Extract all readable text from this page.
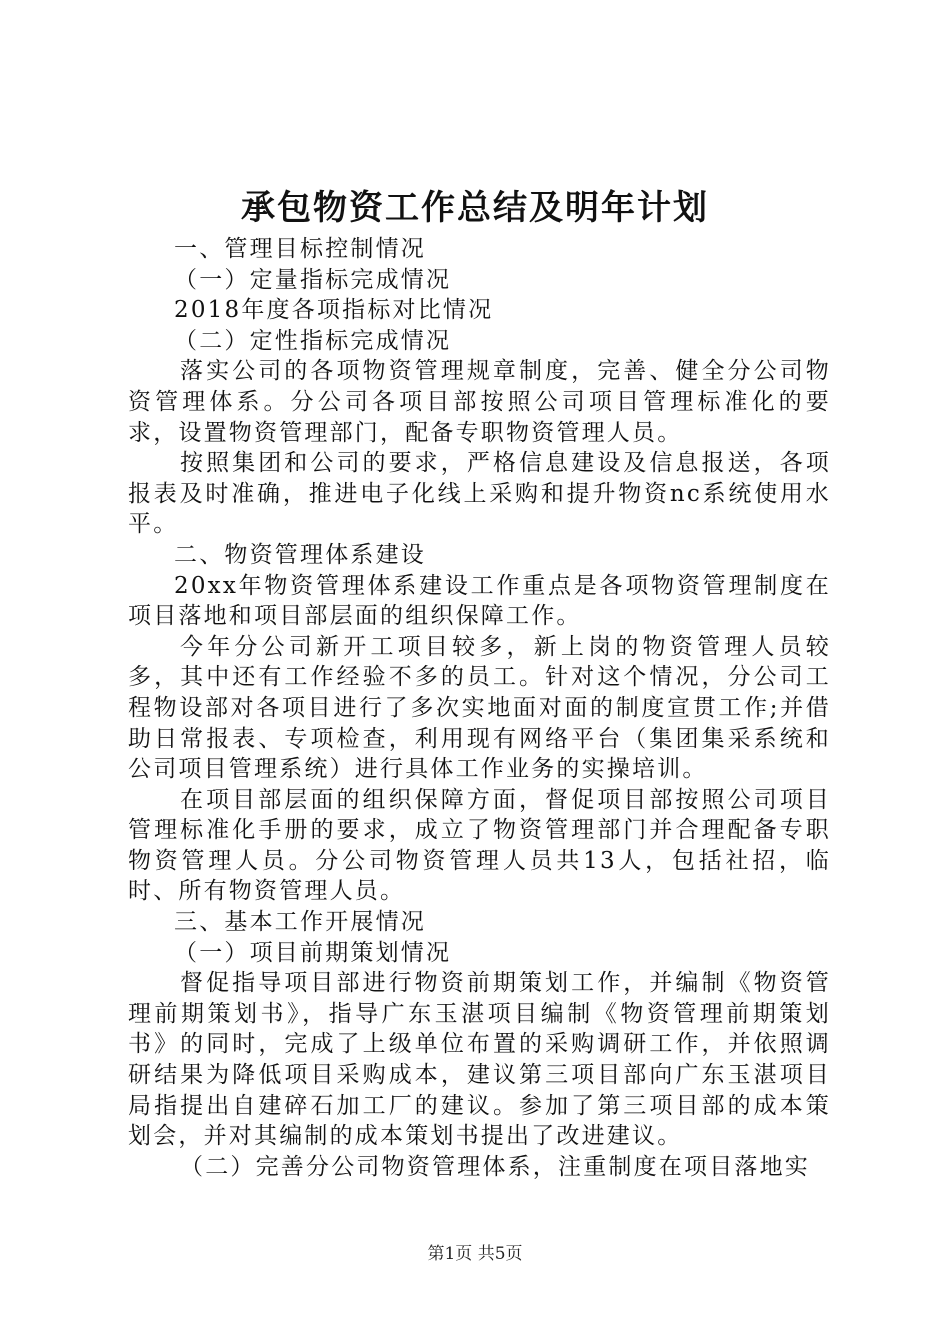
承包物资工作总结及明年计划

一、管理目标控制情况

（一）定量指标完成情况

2018年度各项指标对比情况

（二）定性指标完成情况

落实公司的各项物资管理规章制度，完善、健全分公司物资管理体系。分公司各项目部按照公司项目管理标准化的要求，设置物资管理部门，配备专职物资管理人员。

按照集团和公司的要求，严格信息建设及信息报送，各项报表及时准确，推进电子化线上采购和提升物资nc系统使用水平。

二、物资管理体系建设

20xx年物资管理体系建设工作重点是各项物资管理制度在项目落地和项目部层面的组织保障工作。

今年分公司新开工项目较多，新上岗的物资管理人员较多，其中还有工作经验不多的员工。针对这个情况，分公司工程物设部对各项目进行了多次实地面对面的制度宣贯工作;并借助日常报表、专项检查，利用现有网络平台（集团集采系统和公司项目管理系统）进行具体工作业务的实操培训。

在项目部层面的组织保障方面，督促项目部按照公司项目管理标准化手册的要求，成立了物资管理部门并合理配备专职物资管理人员。分公司物资管理人员共13人，包括社招，临时、所有物资管理人员。

三、基本工作开展情况

（一）项目前期策划情况

督促指导项目部进行物资前期策划工作，并编制《物资管理前期策划书》，指导广东玉湛项目编制《物资管理前期策划书》的同时，完成了上级单位布置的采购调研工作，并依照调研结果为降低项目采购成本，建议第三项目部向广东玉湛项目局指提出自建碎石加工厂的建议。参加了第三项目部的成本策划会，并对其编制的成本策划书提出了改进建议。

（二）完善分公司物资管理体系，注重制度在项目落地实

第1页 共5页
